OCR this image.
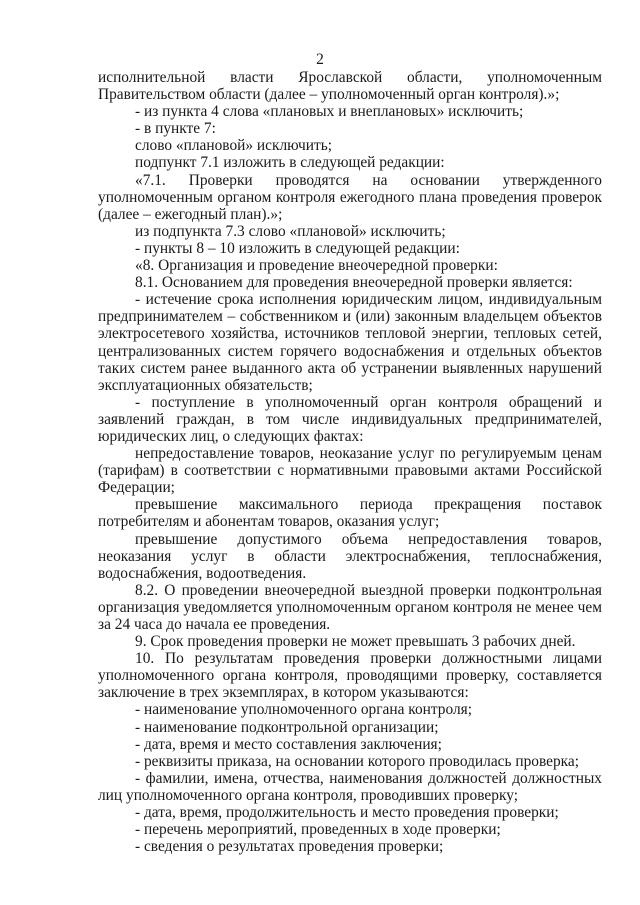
2

исполнительной власти Ярославской области, уполномоченным Правительством области (далее – уполномоченный орган контроля).»;

- из пункта 4 слова «плановых и внеплановых» исключить;

- в пункте 7:

слово «плановой» исключить;

подпункт 7.1 изложить в следующей редакции:

«7.1. Проверки проводятся на основании утвержденного уполномоченным органом контроля ежегодного плана проведения проверок (далее – ежегодный план).»;

из подпункта 7.3 слово «плановой» исключить;

- пункты 8 – 10 изложить в следующей редакции:

«8. Организация и проведение внеочередной проверки:

8.1. Основанием для проведения внеочередной проверки является:

- истечение срока исполнения юридическим лицом, индивидуальным предпринимателем – собственником и (или) законным владельцем объектов электросетевого хозяйства, источников тепловой энергии, тепловых сетей, централизованных систем горячего водоснабжения и отдельных объектов таких систем ранее выданного акта об устранении выявленных нарушений эксплуатационных обязательств;

- поступление в уполномоченный орган контроля обращений и заявлений граждан, в том числе индивидуальных предпринимателей, юридических лиц, о следующих фактах:

непредоставление товаров, неоказание услуг по регулируемым ценам (тарифам) в соответствии с нормативными правовыми актами Российской Федерации;

превышение максимального периода прекращения поставок потребителям и абонентам товаров, оказания услуг;

превышение допустимого объема непредоставления товаров, неоказания услуг в области электроснабжения, теплоснабжения, водоснабжения, водоотведения.

8.2. О проведении внеочередной выездной проверки подконтрольная организация уведомляется уполномоченным органом контроля не менее чем за 24 часа до начала ее проведения.

9. Срок проведения проверки не может превышать 3 рабочих дней.

10. По результатам проведения проверки должностными лицами уполномоченного органа контроля, проводящими проверку, составляется заключение в трех экземплярах, в котором указываются:

- наименование уполномоченного органа контроля;

- наименование подконтрольной организации;

- дата, время и место составления заключения;

- реквизиты приказа, на основании которого проводилась проверка;

- фамилии, имена, отчества, наименования должностей должностных лиц уполномоченного органа контроля, проводивших проверку;

- дата, время, продолжительность и место проведения проверки;

- перечень мероприятий, проведенных в ходе проверки;

- сведения о результатах проведения проверки;
